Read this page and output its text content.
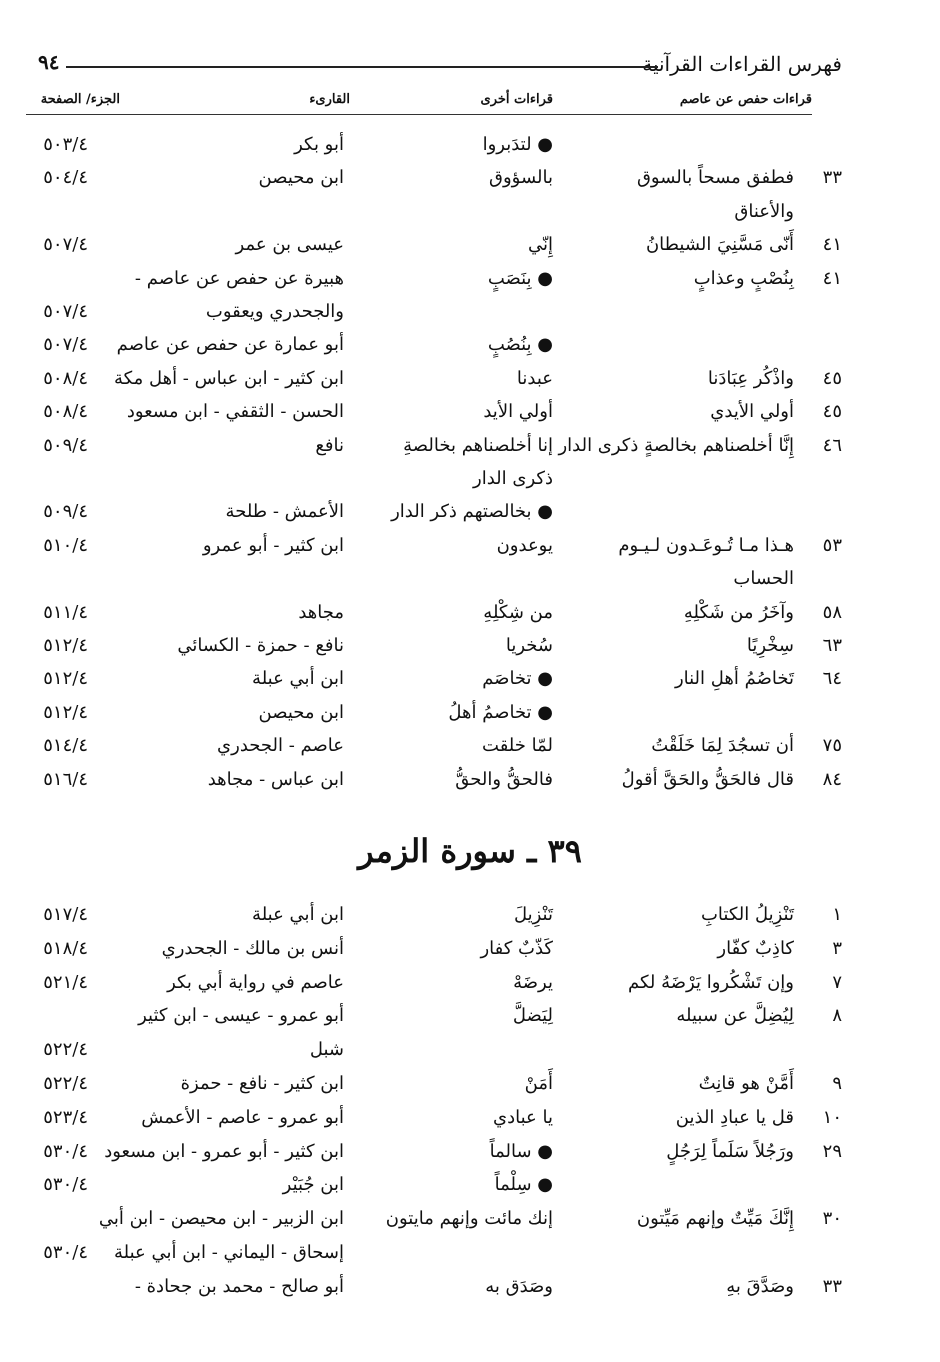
فهرس القراءات القرآنية
٩٤
قراءات حفص عن عاصم
قراءات أخرى
القارىء
الجزء/ الصفحة
● لتدَبروا
أبو بكر
٥٠٣/٤
٣٣
فطفق مسحاً بالسوق
بالسؤوق
ابن محيصن
٥٠٤/٤
والأعناق
٤١
أَنّى مَسَّنِيَ الشيطانُ
إِنّي
عيسى بن عمر
٥٠٧/٤
٤١
بِنُصْبٍ وعذابٍ
● بِنَصَبٍ
هبيرة عن حفص عن عاصم -
والجحدري ويعقوب
٥٠٧/٤
● بِنُصُبٍ
أبو عمارة عن حفص عن عاصم
٥٠٧/٤
٤٥
واذْكُر عِبَادَنا
عبدنا
ابن كثير - ابن عباس - أهل مكة
٥٠٨/٤
٤٥
أولي الأيدي
أولي الأيد
الحسن - الثقفي - ابن مسعود
٥٠٨/٤
٤٦
إِنَّا أخلصناهم بخالصةٍ ذكرى الدار
إنا أخلصناهم بخالصةِ
نافع
٥٠٩/٤
ذكرى الدار
● بخالصتهم ذكر الدار
الأعمش - طلحة
٥٠٩/٤
٥٣
هـذا مـا تُـوعَـدون لـيـوم
يوعدون
ابن كثير - أبو عمرو
٥١٠/٤
الحساب
٥٨
وآخَرُ من شَكْلِهِ
من شِكْلِهِ
مجاهد
٥١١/٤
٦٣
سِخْرِيًا
سُخريا
نافع - حمزة - الكسائي
٥١٢/٤
٦٤
تَخاصُمُ أهلِ النار
● تخاصَم
ابن أبي عبلة
٥١٢/٤
● تخاصمُ أهلُ
ابن محيصن
٥١٢/٤
٧٥
أن تسجُدَ لِمَا خَلَقْتُ
لمّا خلقت
عاصم - الجحدري
٥١٤/٤
٨٤
قال فالحَقُّ والحَقَّ أقولُ
فالحقُّ والحقُّ
ابن عباس - مجاهد
٥١٦/٤
٣٩ ـ سورة الزمر
١
تَنْزِيلُ الكتابِ
تَنْزِيلَ
ابن أبي عبلة
٥١٧/٤
٣
كاذِبٌ كفّار
كَذّبٌ كفار
أنس بن مالك - الجحدري
٥١٨/٤
٧
وإن تَشْكُروا يَرْضَهُ لكم
يرضَهْ
عاصم في رواية أبي بكر
٥٢١/٤
٨
لِيُضِلَّ عن سبيله
لِيَضلَّ
أبو عمرو - عيسى - ابن كثير
شبل
٥٢٢/٤
٩
أَمَّنْ هو قانِتٌ
أَمَنْ
ابن كثير - نافع - حمزة
٥٢٢/٤
١٠
قل يا عبادِ الذين
يا عبادي
أبو عمرو - عاصم - الأعمش
٥٢٣/٤
٢٩
ورَجُلاً سَلَماً لِرَجُلٍ
● سالماً
ابن كثير - أبو عمرو - ابن مسعود
٥٣٠/٤
● سِلْماً
ابن جُبَيْر
٥٣٠/٤
٣٠
إِنَّكَ مَيِّتٌ وإنهم مَيِّتون
إنك مائت وإنهم مايتون
ابن الزبير - ابن محيصن - ابن أبي
إسحاق - اليماني - ابن أبي عبلة
٥٣٠/٤
٣٣
وصَدَّقَ بهِ
وصَدَق به
أبو صالح - محمد بن جحادة -
